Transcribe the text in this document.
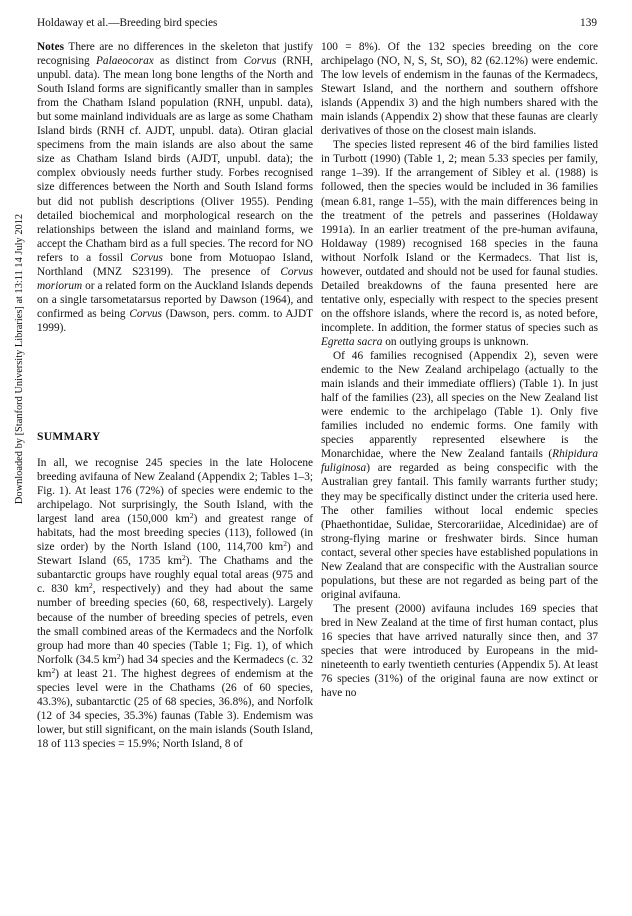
Holdaway et al.—Breeding bird species	139
Downloaded by [Stanford University Libraries] at 13:11 14 July 2012

Notes There are no differences in the skeleton that justify recognising Palaeocorax as distinct from Corvus (RNH, unpubl. data). The mean long bone lengths of the North and South Island forms are significantly smaller than in samples from the Chatham Island population (RNH, unpubl. data), but some mainland individuals are as large as some Chatham Island birds (RNH cf. AJDT, unpubl. data). Otiran glacial specimens from the main islands are also about the same size as Chatham Island birds (AJDT, unpubl. data); the complex obviously needs further study. Forbes recognised size differences between the North and South Island forms but did not publish descriptions (Oliver 1955). Pending detailed biochemical and morphological research on the relationships between the island and mainland forms, we accept the Chatham bird as a full species. The record for NO refers to a fossil Corvus bone from Motuopao Island, Northland (MNZ S23199). The presence of Corvus moriorum or a related form on the Auckland Islands depends on a single tarsometatarsus reported by Dawson (1964), and confirmed as being Corvus (Dawson, pers. comm. to AJDT 1999).

SUMMARY

In all, we recognise 245 species in the late Holocene breeding avifauna of New Zealand (Appendix 2; Tables 1–3; Fig. 1). At least 176 (72%) of species were endemic to the archipelago. Not surprisingly, the South Island, with the largest land area (150,000 $km^2$) and greatest range of habitats, had the most breeding species (113), followed (in size order) by the North Island (100, 114,700 $km^2$) and Stewart Island (65, 1735 $km^2$). The Chathams and the subantarctic groups have roughly equal total areas (975 and c. 830 $km^2$, respectively) and they had about the same number of breeding species (60, 68, respectively). Largely because of the number of breeding species of petrels, even the small combined areas of the Kermadecs and the Norfolk group had more than 40 species (Table 1; Fig. 1), of which Norfolk (34.5 $km^2$) had 34 species and the Kermadecs (c. 32 $km^2$) at least 21. The highest degrees of endemism at the species level were in the Chathams (26 of 60 species, 43.3%), subantarctic (25 of 68 species, 36.8%), and Norfolk (12 of 34 species, 35.3%) faunas (Table 3). Endemism was lower, but still significant, on the main islands (South Island, 18 of 113 species = 15.9%; North Island, 8 of

100 = 8%). Of the 132 species breeding on the core archipelago (NO, N, S, St, SO), 82 (62.12%) were endemic. The low levels of endemism in the faunas of the Kermadecs, Stewart Island, and the northern and southern offshore islands (Appendix 3) and the high numbers shared with the main islands (Appendix 2) show that these faunas are clearly derivatives of those on the closest main islands.

The species listed represent 46 of the bird families listed in Turbott (1990) (Table 1, 2; mean 5.33 species per family, range 1–39). If the arrangement of Sibley et al. (1988) is followed, then the species would be included in 36 families (mean 6.81, range 1–55), with the main differences being in the treatment of the petrels and passerines (Holdaway 1991a). In an earlier treatment of the pre-human avifauna, Holdaway (1989) recognised 168 species in the fauna without Norfolk Island or the Kermadecs. That list is, however, outdated and should not be used for faunal studies. Detailed breakdowns of the fauna presented here are tentative only, especially with respect to the species present on the offshore islands, where the record is, as noted before, incomplete. In addition, the former status of species such as Egretta sacra on outlying groups is unknown.

Of 46 families recognised (Appendix 2), seven were endemic to the New Zealand archipelago (actually to the main islands and their immediate offliers) (Table 1). In just half of the families (23), all species on the New Zealand list were endemic to the archipelago (Table 1). Only five families included no endemic forms. One family with species apparently represented elsewhere is the Monarchidae, where the New Zealand fantails (Rhipidura fuliginosa) are regarded as being conspecific with the Australian grey fantail. This family warrants further study; they may be specifically distinct under the criteria used here. The other families without local endemic species (Phaethontidae, Sulidae, Stercorariidae, Alcedinidae) are of strong-flying marine or freshwater birds. Since human contact, several other species have established populations in New Zealand that are conspecific with the Australian source populations, but these are not regarded as being part of the original avifauna.

The present (2000) avifauna includes 169 species that bred in New Zealand at the time of first human contact, plus 16 species that have arrived naturally since then, and 37 species that were introduced by Europeans in the mid-nineteenth to early twentieth centuries (Appendix 5). At least 76 species (31%) of the original fauna are now extinct or have no
